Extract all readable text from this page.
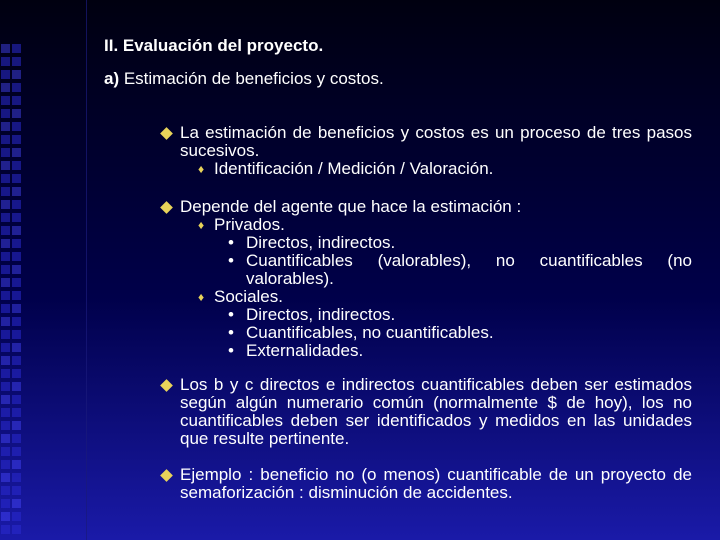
II. Evaluación del proyecto.
a) Estimación de beneficios y costos.
La estimación de beneficios y costos es un proceso de tres pasos sucesivos.
♦ Identificación / Medición / Valoración.
Depende del agente que hace la estimación :
♦ Privados.
• Directos, indirectos.
• Cuantificables (valorables), no cuantificables (no valorables).
♦ Sociales.
• Directos, indirectos.
• Cuantificables, no cuantificables.
• Externalidades.
Los b y c directos e indirectos cuantificables deben ser estimados según algún numerario común (normalmente $ de hoy), los no cuantificables deben ser identificados y medidos en las unidades que resulte pertinente.
Ejemplo : beneficio no (o menos) cuantificable de un proyecto de semaforización : disminución de accidentes.
